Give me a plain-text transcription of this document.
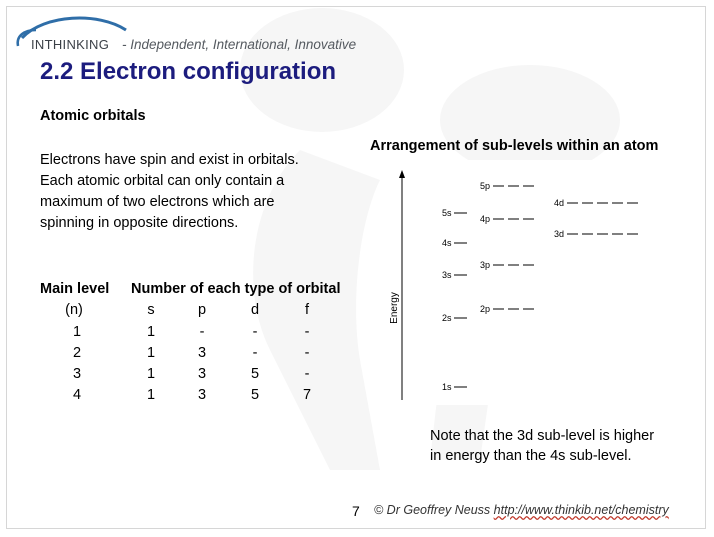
INTHINKING - Independent, International, Innovative
2.2 Electron configuration
Atomic orbitals
Electrons have spin and exist in orbitals.
Each atomic orbital can only contain a
maximum of two electrons which are
spinning in opposite directions.
Main level Number of each type of orbital
(n)	s	p	d	f
1	1	-	-	-
2	1	3	-	-
3	1	3	5	-
4	1	3	5	7
Arrangement of sub-levels within an atom
Energy
1s
2s
2p
3s
3p
4s
3d
4p
5s
4d
5p
Note that the 3d sub-level is higher
in energy than the 4s sub-level.
7 © Dr Geoffrey Neuss http://www.thinkib.net/chemistry
